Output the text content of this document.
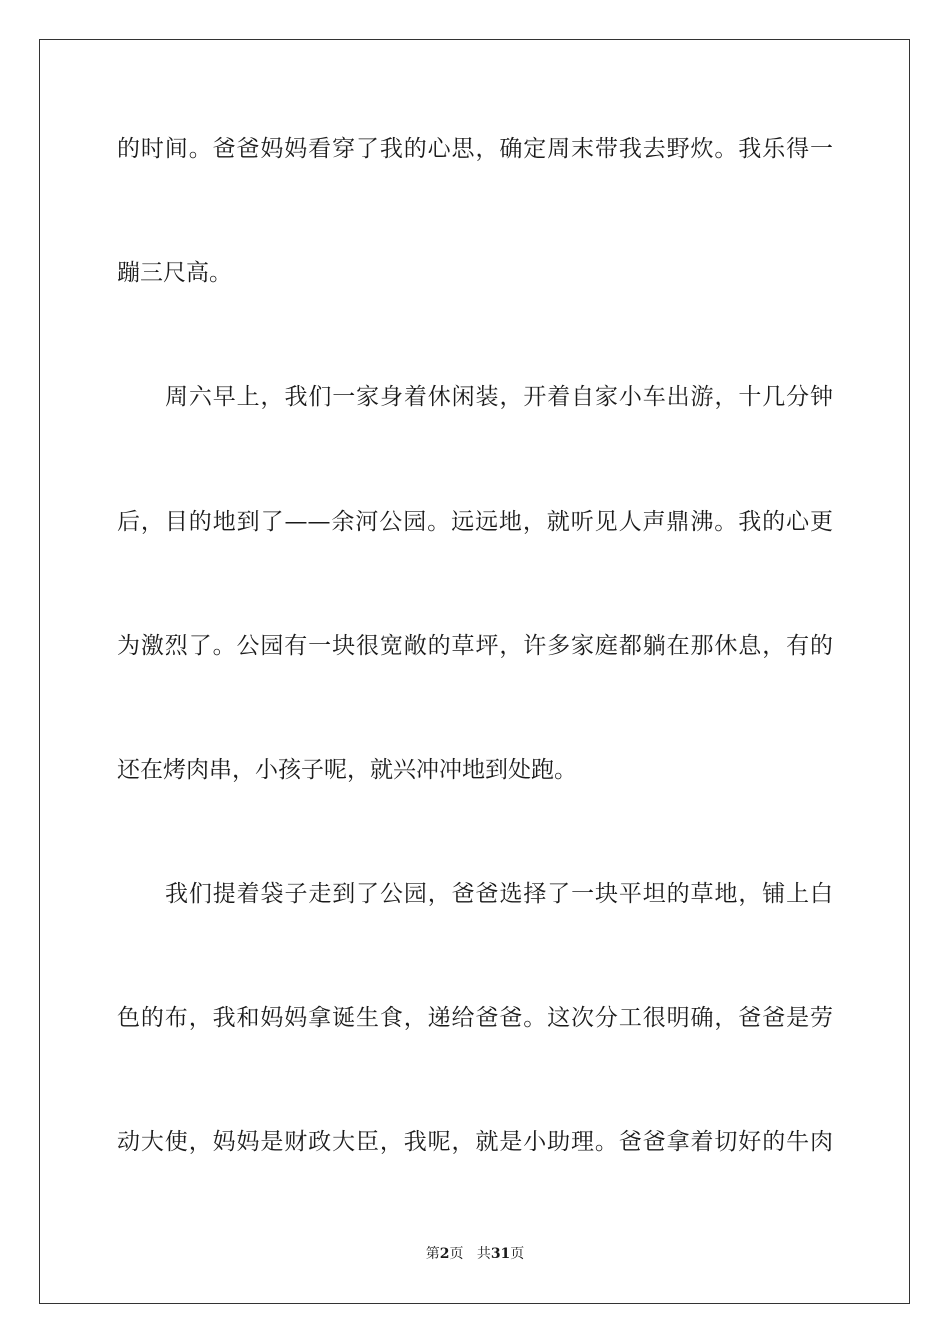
的时间。爸爸妈妈看穿了我的心思，确定周末带我去野炊。我乐得一
蹦三尺高。
周六早上，我们一家身着休闲装，开着自家小车出游，十几分钟
后，目的地到了——余河公园。远远地，就听见人声鼎沸。我的心更
为激烈了。公园有一块很宽敞的草坪，许多家庭都躺在那休息，有的
还在烤肉串，小孩子呢，就兴冲冲地到处跑。
我们提着袋子走到了公园，爸爸选择了一块平坦的草地，铺上白
色的布，我和妈妈拿诞生食，递给爸爸。这次分工很明确，爸爸是劳
动大使，妈妈是财政大臣，我呢，就是小助理。爸爸拿着切好的牛肉
第2页 共31页
